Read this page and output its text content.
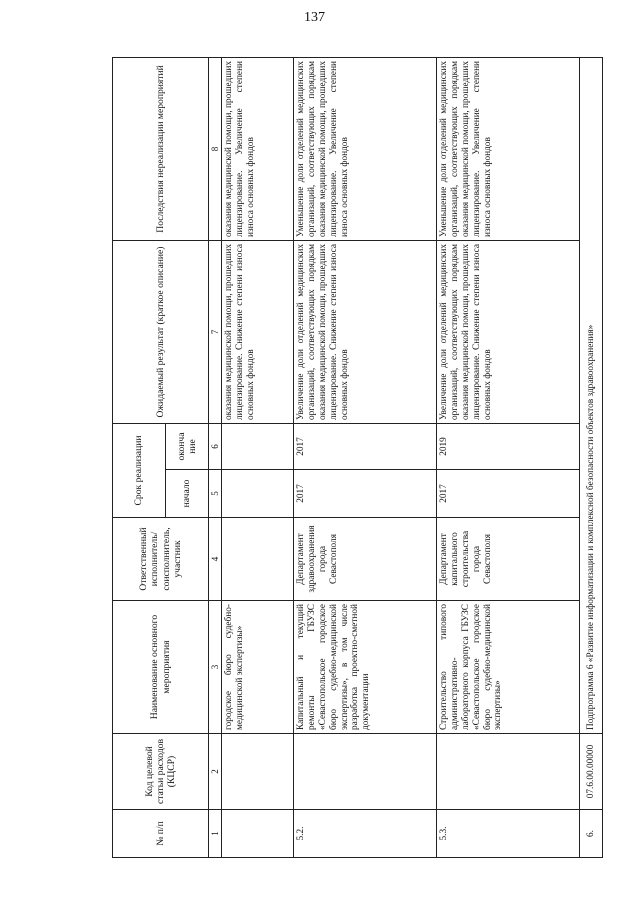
137
№ п/п	Код целевой статьи расходов (КЦСР)	Наименование основного мероприятия	Ответственный исполнитель/ соисполнитель, участник	Срок реализации		Ожидаемый результат (краткое описание)	Последствия нереализации мероприятий
				начало	оконча ние		
1	2	3	4	5	6	7	8
		городское бюро судебно-медицинской экспертизы»				оказания медицинской помощи, прошедших лицензирование. Снижение степени износа основных фондов	оказания медицинской помощи, прошедших лицензирование. Увеличение степени износа основных фондов
5.2.		Капитальный и текущий ремонты ГБУЗС «Севастопольское городское бюро судебно-медицинской экспертизы», в том числе разработка проектно-сметной документации	Департамент здравоохранения города Севастополя	2017	2017	Увеличение доли отделений медицинских организаций, соответствующих порядкам оказания медицинской помощи, прошедших лицензирование. Снижение степени износа основных фондов	Уменьшение доли отделений медицинских организаций, соответствующих порядкам оказания медицинской помощи, прошедших лицензирование. Увеличение степени износа основных фондов
5.3.		Строительство типового административно-лабораторного корпуса ГБУЗС «Севастопольское городское бюро судебно-медицинской экспертизы»	Департамент капитального строительства города Севастополя	2017	2019	Увеличение доли отделений медицинских организаций, соответствующих порядкам оказания медицинской помощи, прошедших лицензирование. Снижение степени износа основных фондов	Уменьшение доли отделений медицинских организаций, соответствующих порядкам оказания медицинской помощи, прошедших лицензирование. Увеличение степени износа основных фондов
6.	07.6.00.00000	Подпрограмма 6 «Развитие информатизации и комплексной безопасности объектов здравоохранения»					
